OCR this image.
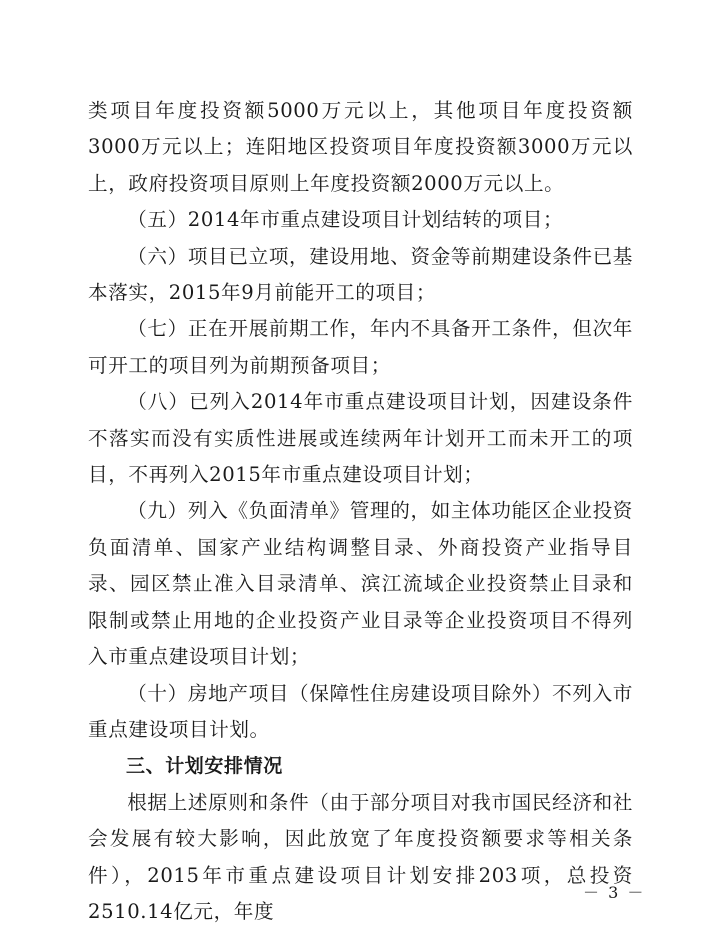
类项目年度投资额5000万元以上，其他项目年度投资额3000万元以上；连阳地区投资项目年度投资额3000万元以上，政府投资项目原则上年度投资额2000万元以上。

（五）2014年市重点建设项目计划结转的项目；

（六）项目已立项，建设用地、资金等前期建设条件已基本落实，2015年9月前能开工的项目；

（七）正在开展前期工作，年内不具备开工条件，但次年可开工的项目列为前期预备项目；

（八）已列入2014年市重点建设项目计划，因建设条件不落实而没有实质性进展或连续两年计划开工而未开工的项目，不再列入2015年市重点建设项目计划；

（九）列入《负面清单》管理的，如主体功能区企业投资负面清单、国家产业结构调整目录、外商投资产业指导目录、园区禁止准入目录清单、滨江流域企业投资禁止目录和限制或禁止用地的企业投资产业目录等企业投资项目不得列入市重点建设项目计划；

（十）房地产项目（保障性住房建设项目除外）不列入市重点建设项目计划。

三、计划安排情况

根据上述原则和条件（由于部分项目对我市国民经济和社会发展有较大影响，因此放宽了年度投资额要求等相关条件），2015年市重点建设项目计划安排203项，总投资2510.14亿元，年度

－ 3 －
